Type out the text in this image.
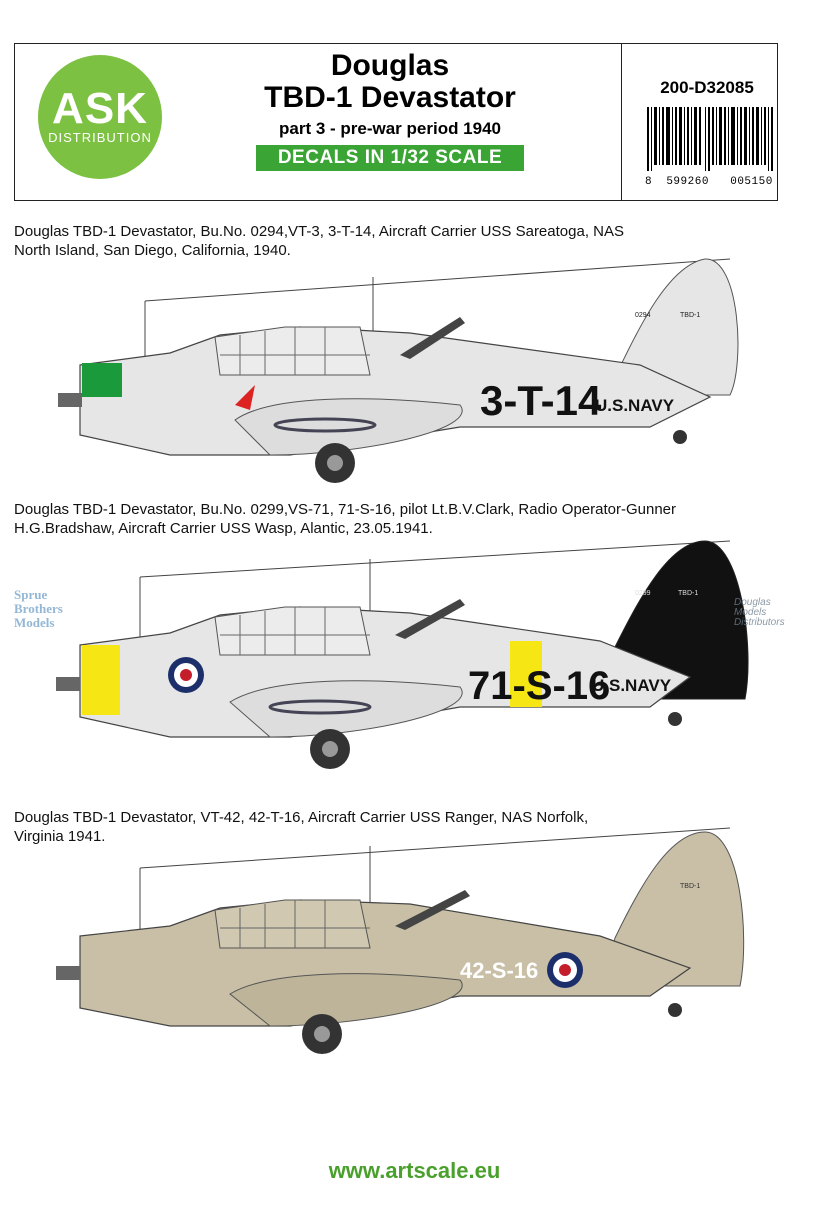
ASK
DISTRIBUTION
Douglas
TBD-1 Devastator
part 3 - pre-war period 1940
DECALS IN 1/32 SCALE
200-D32085
8 599260 005150
Douglas TBD-1 Devastator, Bu.No. 0294,VT-3, 3-T-14, Aircraft Carrier USS Sareatoga, NAS
North Island, San Diego, California, 1940.
3-T-14
U.S.NAVY
0294	TBD-1
Douglas TBD-1 Devastator, Bu.No. 0299,VS-71, 71-S-16, pilot Lt.B.V.Clark, Radio Operator-Gunner
H.G.Bradshaw, Aircraft Carrier USS Wasp, Alantic, 23.05.1941.
71-S-16
U.S.NAVY
0299	TBD-1
Douglas TBD-1 Devastator, VT-42, 42-T-16, Aircraft Carrier USS Ranger, NAS Norfolk,
Virginia 1941.
42-S-16
TBD-1
Sprue
Brothers
Models
Douglas
Models
Distributors
www.artscale.eu
